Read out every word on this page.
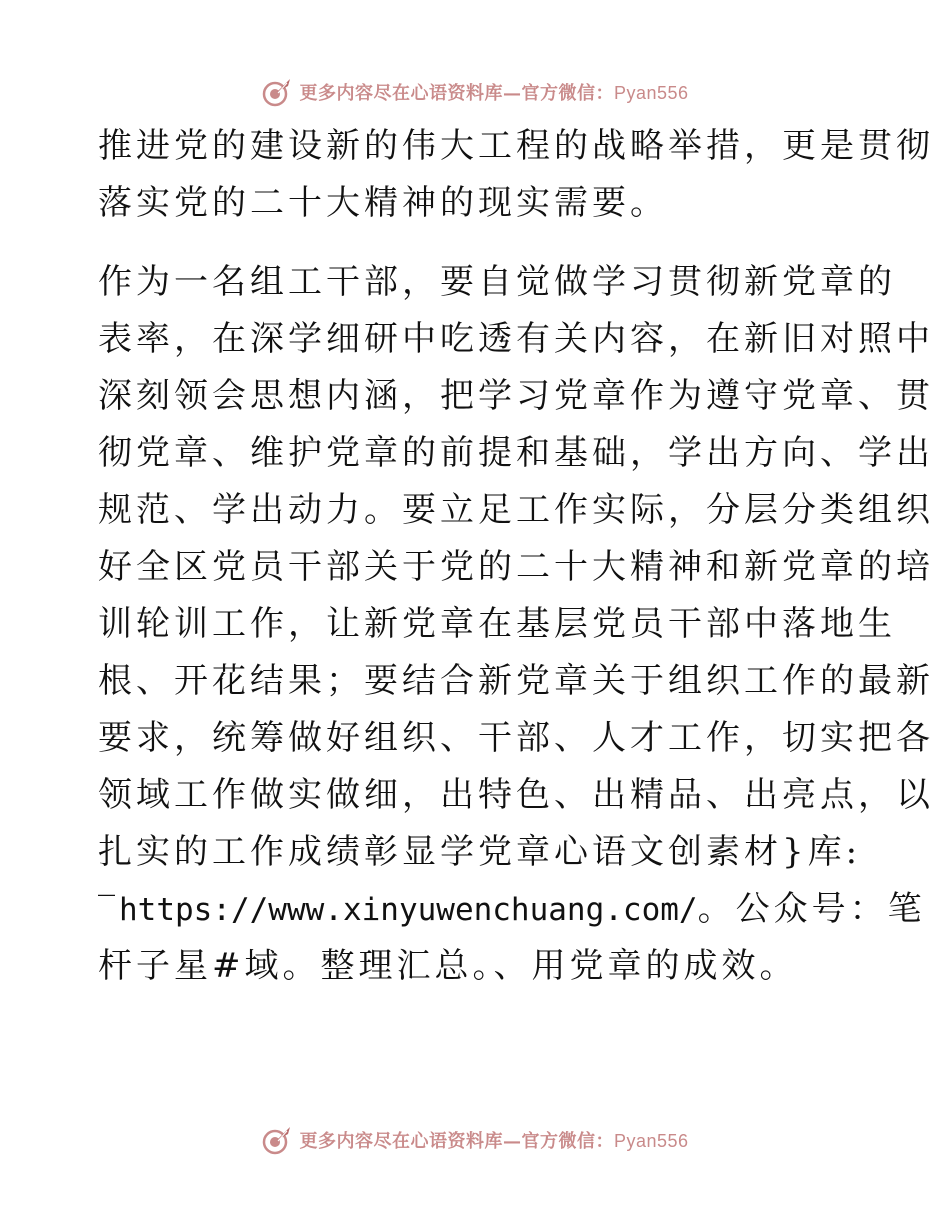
更多内容尽在心语资料库—官方微信：Pyan556
推进党的建设新的伟大工程的战略举措，更是贯彻
落实党的二十大精神的现实需要。
作为一名组工干部，要自觉做学习贯彻新党章的
表率，在深学细研中吃透有关内容，在新旧对照中
深刻领会思想内涵，把学习党章作为遵守党章、贯
彻党章、维护党章的前提和基础，学出方向、学出
规范、学出动力。要立足工作实际，分层分类组织
好全区党员干部关于党的二十大精神和新党章的培
训轮训工作，让新党章在基层党员干部中落地生
根、开花结果；要结合新党章关于组织工作的最新
要求，统筹做好组织、干部、人才工作，切实把各
领域工作做实做细，出特色、出精品、出亮点，以
扎实的工作成绩彰显学党章心语文创素材}库:
‾https://www.xinyuwenchuang.com/。公众号：笔
杆子星#域。整理汇总。、用党章的成效。
更多内容尽在心语资料库—官方微信：Pyan556
